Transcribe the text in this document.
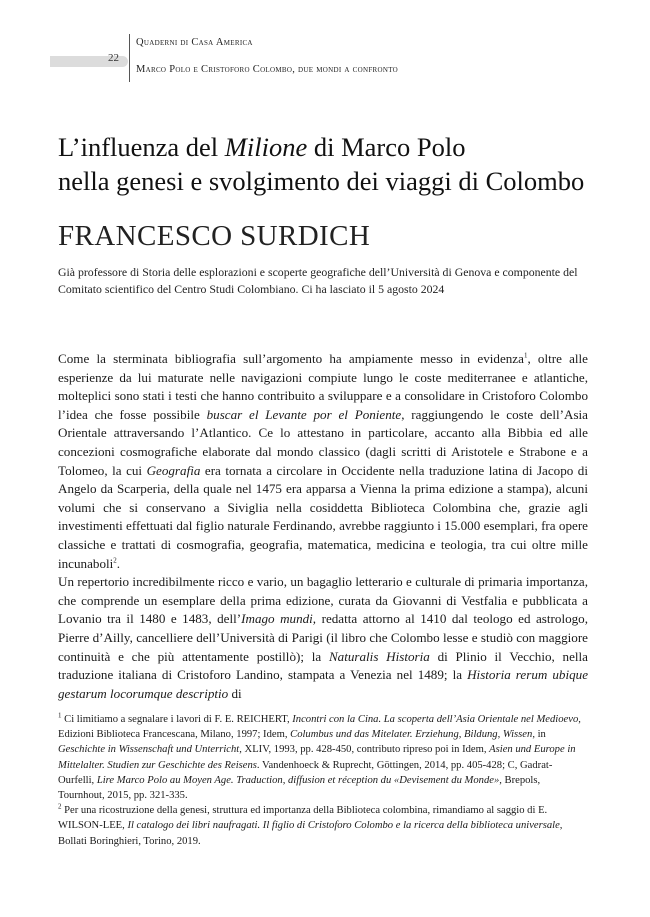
22
Quaderni di Casa America
Marco Polo e Cristoforo Colombo, due mondi a confronto
L’influenza del Milione di Marco Polo
nella genesi e svolgimento dei viaggi di Colombo
FRANCESCO SURDICH
Già professore di Storia delle esplorazioni e scoperte geografiche dell’Università di Genova e componente del Comitato scientifico del Centro Studi Colombiano. Ci ha lasciato il 5 agosto 2024

Come la sterminata bibliografia sull’argomento ha ampiamente messo in evidenza$^1$, oltre alle esperienze da lui maturate nelle navigazioni compiute lungo le coste mediterranee e atlantiche, molteplici sono stati i testi che hanno contribuito a sviluppare e a consolidare in Cristoforo Colombo l’idea che fosse possibile buscar el Levante por el Poniente, raggiungendo le coste dell’Asia Orientale attraversando l’Atlantico. Ce lo attestano in particolare, accanto alla Bibbia ed alle concezioni cosmografiche elaborate dal mondo classico (dagli scritti di Aristotele e Strabone e a Tolomeo, la cui Geografia era tornata a circolare in Occidente nella traduzione latina di Jacopo di Angelo da Scarperia, della quale nel 1475 era apparsa a Vienna la prima edizione a stampa), alcuni volumi che si conservano a Siviglia nella cosiddetta Biblioteca Colombina che, grazie agli investimenti effettuati dal figlio naturale Ferdinando, avrebbe raggiunto i 15.000 esemplari, fra opere classiche e trattati di cosmografia, geografia, matematica, medicina e teologia, tra cui oltre mille incunaboli$^2$.

Un repertorio incredibilmente ricco e vario, un bagaglio letterario e culturale di primaria importanza, che comprende un esemplare della prima edizione, curata da Giovanni di Vestfalia e pubblicata a Lovanio tra il 1480 e 1483, dell’Imago mundi, redatta attorno al 1410 dal teologo ed astrologo, Pierre d’Ailly, cancelliere dell’Università di Parigi (il libro che Colombo lesse e studiò con maggiore continuità e che più attentamente postillò); la Naturalis Historia di Plinio il Vecchio, nella traduzione italiana di Cristoforo Landino, stampata a Venezia nel 1489; la Historia rerum ubique gestarum locorumque descriptio di

$^1$ Ci limitiamo a segnalare i lavori di F. E. REICHERT, Incontri con la Cina. La scoperta dell’Asia Orientale nel Medioevo, Edizioni Biblioteca Francescana, Milano, 1997; Idem, Columbus und das Mitelater. Erziehung, Bildung, Wissen, in Geschichte in Wissenschaft und Unterricht, XLIV, 1993, pp. 428-450, contributo ripreso poi in Idem, Asien und Europe in Mittelalter. Studien zur Geschichte des Reisens. Vandenhoeck & Ruprecht, Göttingen, 2014, pp. 405-428; C, Gadrat-Ourfelli, Lire Marco Polo au Moyen Age. Traduction, diffusion et réception du «Devisement du Monde», Brepols, Tournhout, 2015, pp. 321-335.

$^2$ Per una ricostruzione della genesi, struttura ed importanza della Biblioteca colombina, rimandiamo al saggio di E. WILSON-LEE, Il catalogo dei libri naufragati. Il figlio di Cristoforo Colombo e la ricerca della biblioteca universale, Bollati Boringhieri, Torino, 2019.
